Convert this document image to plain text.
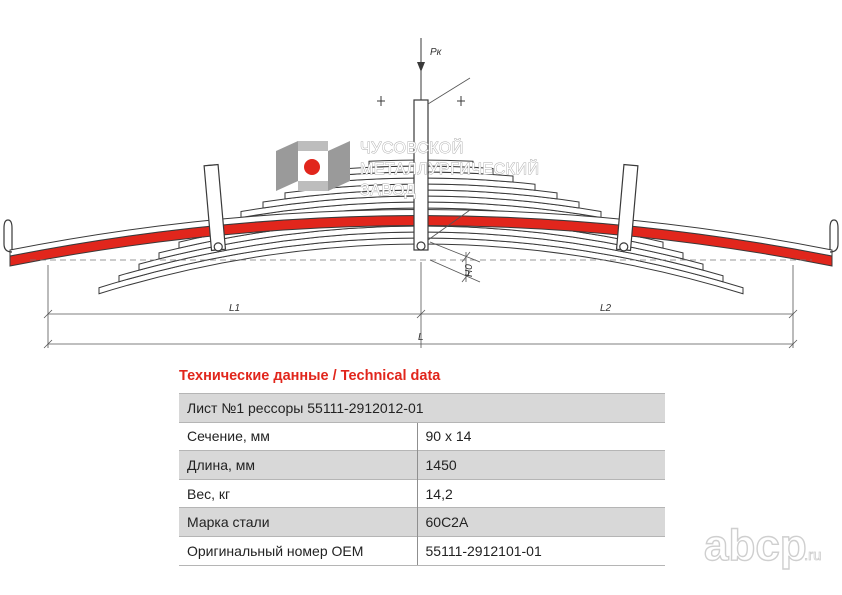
Рк
H0
L1	L2
L
ЧУСОВСКОЙ
МЕТАЛЛУРГИЧЕСКИЙ
ЗАВОД
Технические данные / Technical data
Лист №1 рессоры 55111-2912012-01	
Сечение, мм	90 x 14
Длина, мм	1450
Вес, кг	14,2
Марка стали	60С2А
Оригинальный номер OEM	55111-2912101-01	abcp
.ru
